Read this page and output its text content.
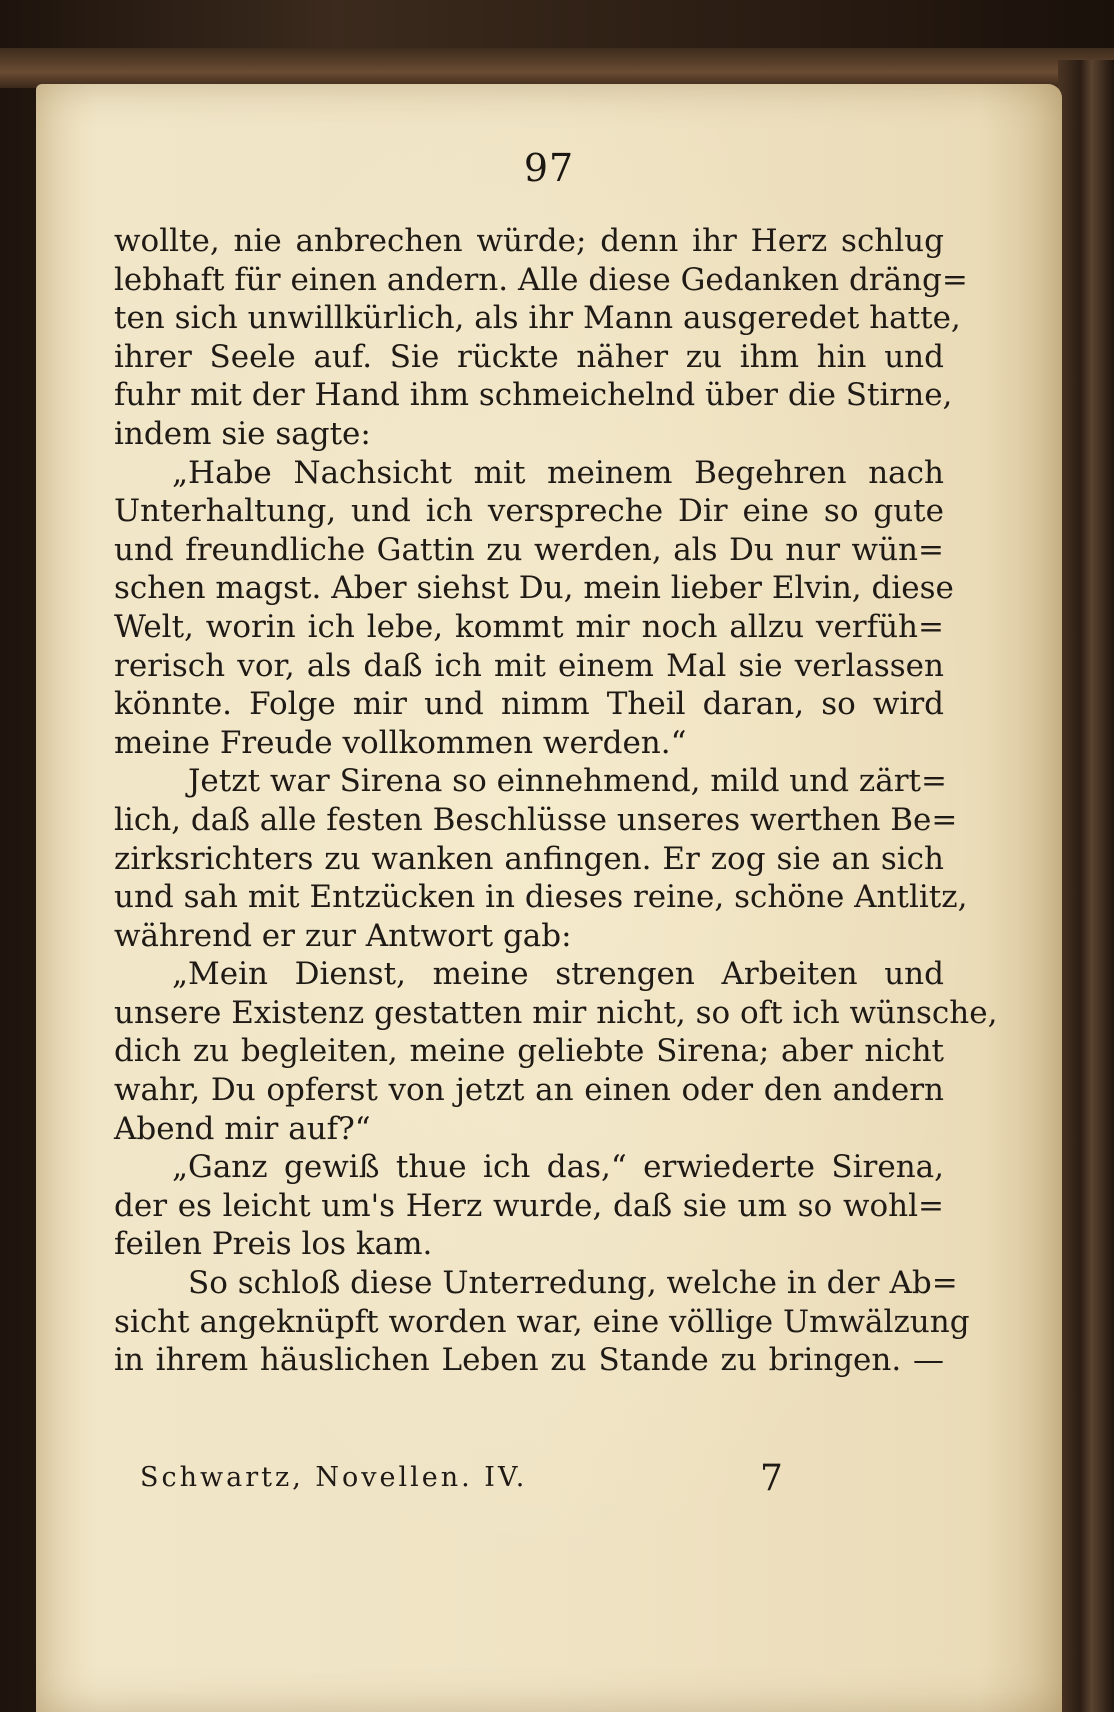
97
wollte, nie anbrechen würde; denn ihr Herz schlug
lebhaft für einen andern. Alle diese Gedanken dräng=
ten sich unwillkürlich, als ihr Mann ausgeredet hatte,
ihrer Seele auf. Sie rückte näher zu ihm hin und
fuhr mit der Hand ihm schmeichelnd über die Stirne,
indem sie sagte:
„Habe Nachsicht mit meinem Begehren nach
Unterhaltung, und ich verspreche Dir eine so gute
und freundliche Gattin zu werden, als Du nur wün=
schen magst. Aber siehst Du, mein lieber Elvin, diese
Welt, worin ich lebe, kommt mir noch allzu verfüh=
rerisch vor, als daß ich mit einem Mal sie verlassen
könnte. Folge mir und nimm Theil daran, so wird
meine Freude vollkommen werden.“
Jetzt war Sirena so einnehmend, mild und zärt=
lich, daß alle festen Beschlüsse unseres werthen Be=
zirksrichters zu wanken anfingen. Er zog sie an sich
und sah mit Entzücken in dieses reine, schöne Antlitz,
während er zur Antwort gab:
„Mein Dienst, meine strengen Arbeiten und
unsere Existenz gestatten mir nicht, so oft ich wünsche,
dich zu begleiten, meine geliebte Sirena; aber nicht
wahr, Du opferst von jetzt an einen oder den andern
Abend mir auf?“
„Ganz gewiß thue ich das,“ erwiederte Sirena,
der es leicht um's Herz wurde, daß sie um so wohl=
feilen Preis los kam.
So schloß diese Unterredung, welche in der Ab=
sicht angeknüpft worden war, eine völlige Umwälzung
in ihrem häuslichen Leben zu Stande zu bringen. —
Schwartz, Novellen. IV.	7
